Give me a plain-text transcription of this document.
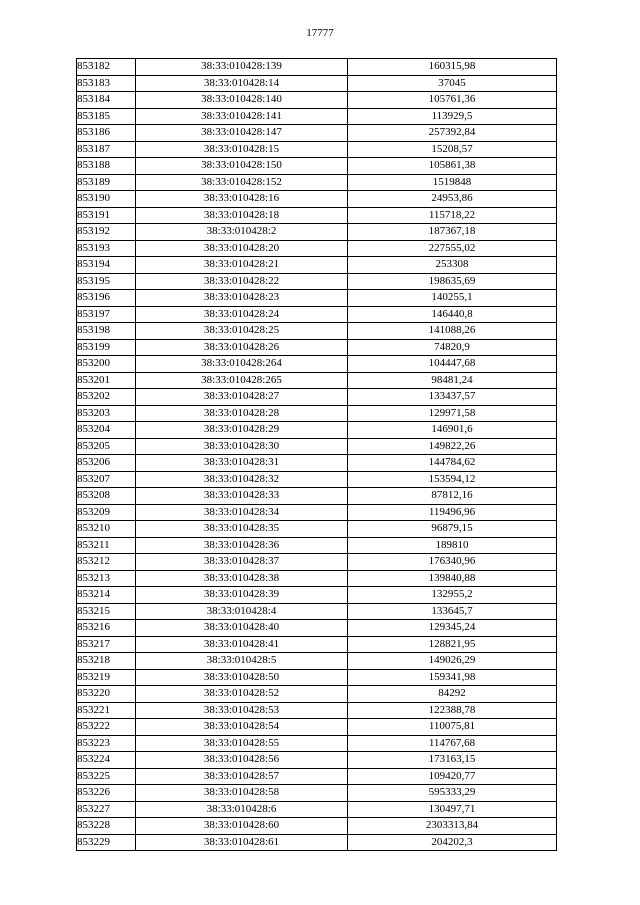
17777
853182	38:33:010428:139	160315,98
853183	38:33:010428:14	37045
853184	38:33:010428:140	105761,36
853185	38:33:010428:141	113929,5
853186	38:33:010428:147	257392,84
853187	38:33:010428:15	15208,57
853188	38:33:010428:150	105861,38
853189	38:33:010428:152	1519848
853190	38:33:010428:16	24953,86
853191	38:33:010428:18	115718,22
853192	38:33:010428:2	187367,18
853193	38:33:010428:20	227555,02
853194	38:33:010428:21	253308
853195	38:33:010428:22	198635,69
853196	38:33:010428:23	140255,1
853197	38:33:010428:24	146440,8
853198	38:33:010428:25	141088,26
853199	38:33:010428:26	74820,9
853200	38:33:010428:264	104447,68
853201	38:33:010428:265	98481,24
853202	38:33:010428:27	133437,57
853203	38:33:010428:28	129971,58
853204	38:33:010428:29	146901,6
853205	38:33:010428:30	149822,26
853206	38:33:010428:31	144784,62
853207	38:33:010428:32	153594,12
853208	38:33:010428:33	87812,16
853209	38:33:010428:34	119496,96
853210	38:33:010428:35	96879,15
853211	38:33:010428:36	189810
853212	38:33:010428:37	176340,96
853213	38:33:010428:38	139840,88
853214	38:33:010428:39	132955,2
853215	38:33:010428:4	133645,7
853216	38:33:010428:40	129345,24
853217	38:33:010428:41	128821,95
853218	38:33:010428:5	149026,29
853219	38:33:010428:50	159341,98
853220	38:33:010428:52	84292
853221	38:33:010428:53	122388,78
853222	38:33:010428:54	110075,81
853223	38:33:010428:55	114767,68
853224	38:33:010428:56	173163,15
853225	38:33:010428:57	109420,77
853226	38:33:010428:58	595333,29
853227	38:33:010428:6	130497,71
853228	38:33:010428:60	2303313,84
853229	38:33:010428:61	204202,3
